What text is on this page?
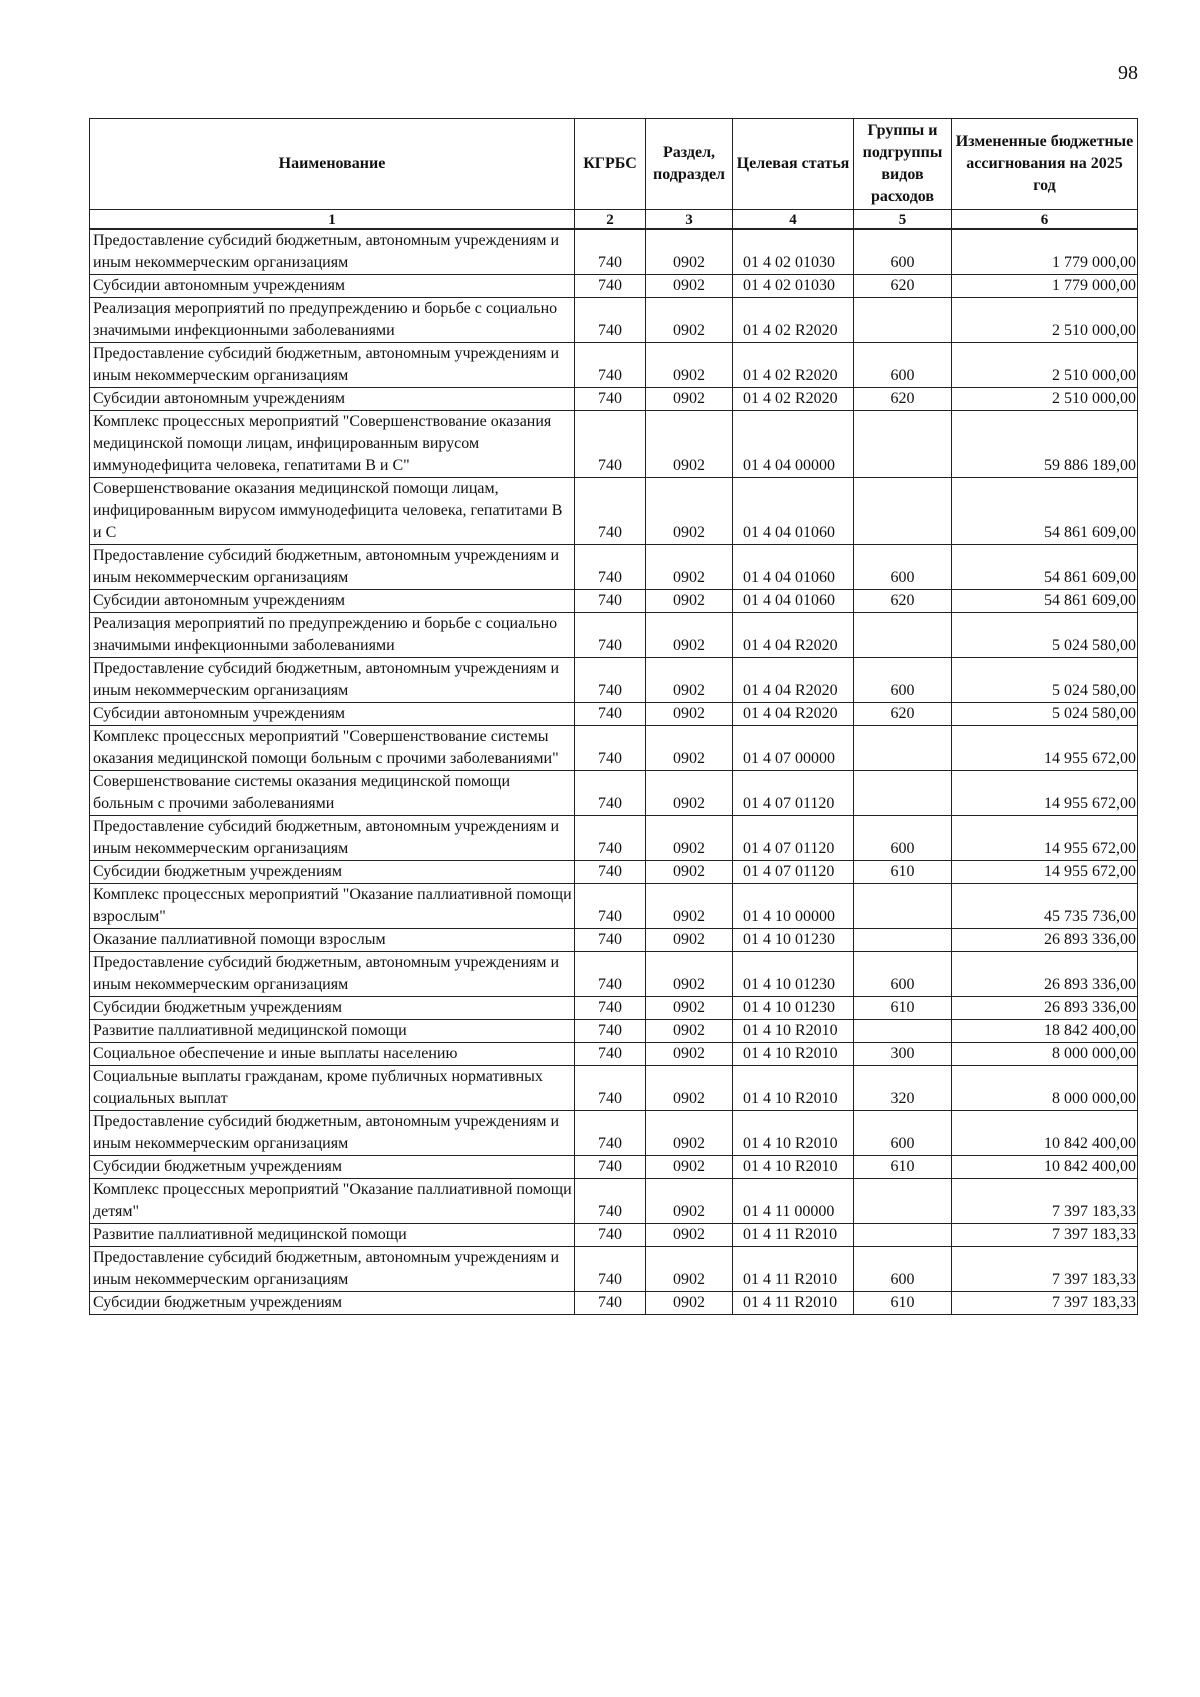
98
Наименование	КГРБС	Раздел, подраздел	Целевая статья	Группы и подгруппы видов расходов	Измененные бюджетные ассигнования на 2025 год
1	2	3	4	5	6
Предоставление субсидий бюджетным, автономным учреждениям и иным некоммерческим организациям	740	0902	01 4 02 01030	600	1 779 000,00
Субсидии автономным учреждениям	740	0902	01 4 02 01030	620	1 779 000,00
Реализация мероприятий по предупреждению и борьбе с социально значимыми инфекционными заболеваниями	740	0902	01 4 02 R2020		2 510 000,00
Предоставление субсидий бюджетным, автономным учреждениям и иным некоммерческим организациям	740	0902	01 4 02 R2020	600	2 510 000,00
Субсидии автономным учреждениям	740	0902	01 4 02 R2020	620	2 510 000,00
Комплекс процессных мероприятий "Совершенствование оказания медицинской помощи лицам, инфицированным вирусом иммунодефицита человека, гепатитами В и С"	740	0902	01 4 04 00000		59 886 189,00
Совершенствование оказания медицинской помощи лицам, инфицированным вирусом иммунодефицита человека, гепатитами В и С	740	0902	01 4 04 01060		54 861 609,00
Предоставление субсидий бюджетным, автономным учреждениям и иным некоммерческим организациям	740	0902	01 4 04 01060	600	54 861 609,00
Субсидии автономным учреждениям	740	0902	01 4 04 01060	620	54 861 609,00
Реализация мероприятий по предупреждению и борьбе с социально значимыми инфекционными заболеваниями	740	0902	01 4 04 R2020		5 024 580,00
Предоставление субсидий бюджетным, автономным учреждениям и иным некоммерческим организациям	740	0902	01 4 04 R2020	600	5 024 580,00
Субсидии автономным учреждениям	740	0902	01 4 04 R2020	620	5 024 580,00
Комплекс процессных мероприятий "Совершенствование системы оказания медицинской помощи больным с прочими заболеваниями"	740	0902	01 4 07 00000		14 955 672,00
Совершенствование системы оказания медицинской помощи больным с прочими заболеваниями	740	0902	01 4 07 01120		14 955 672,00
Предоставление субсидий бюджетным, автономным учреждениям и иным некоммерческим организациям	740	0902	01 4 07 01120	600	14 955 672,00
Субсидии бюджетным учреждениям	740	0902	01 4 07 01120	610	14 955 672,00
Комплекс процессных мероприятий "Оказание паллиативной помощи взрослым"	740	0902	01 4 10 00000		45 735 736,00
Оказание паллиативной помощи взрослым	740	0902	01 4 10 01230		26 893 336,00
Предоставление субсидий бюджетным, автономным учреждениям и иным некоммерческим организациям	740	0902	01 4 10 01230	600	26 893 336,00
Субсидии бюджетным учреждениям	740	0902	01 4 10 01230	610	26 893 336,00
Развитие паллиативной медицинской помощи	740	0902	01 4 10 R2010		18 842 400,00
Социальное обеспечение и иные выплаты населению	740	0902	01 4 10 R2010	300	8 000 000,00
Социальные выплаты гражданам, кроме публичных нормативных социальных выплат	740	0902	01 4 10 R2010	320	8 000 000,00
Предоставление субсидий бюджетным, автономным учреждениям и иным некоммерческим организациям	740	0902	01 4 10 R2010	600	10 842 400,00
Субсидии бюджетным учреждениям	740	0902	01 4 10 R2010	610	10 842 400,00
Комплекс процессных мероприятий "Оказание паллиативной помощи детям"	740	0902	01 4 11 00000		7 397 183,33
Развитие паллиативной медицинской помощи	740	0902	01 4 11 R2010		7 397 183,33
Предоставление субсидий бюджетным, автономным учреждениям и иным некоммерческим организациям	740	0902	01 4 11 R2010	600	7 397 183,33
Субсидии бюджетным учреждениям	740	0902	01 4 11 R2010	610	7 397 183,33
